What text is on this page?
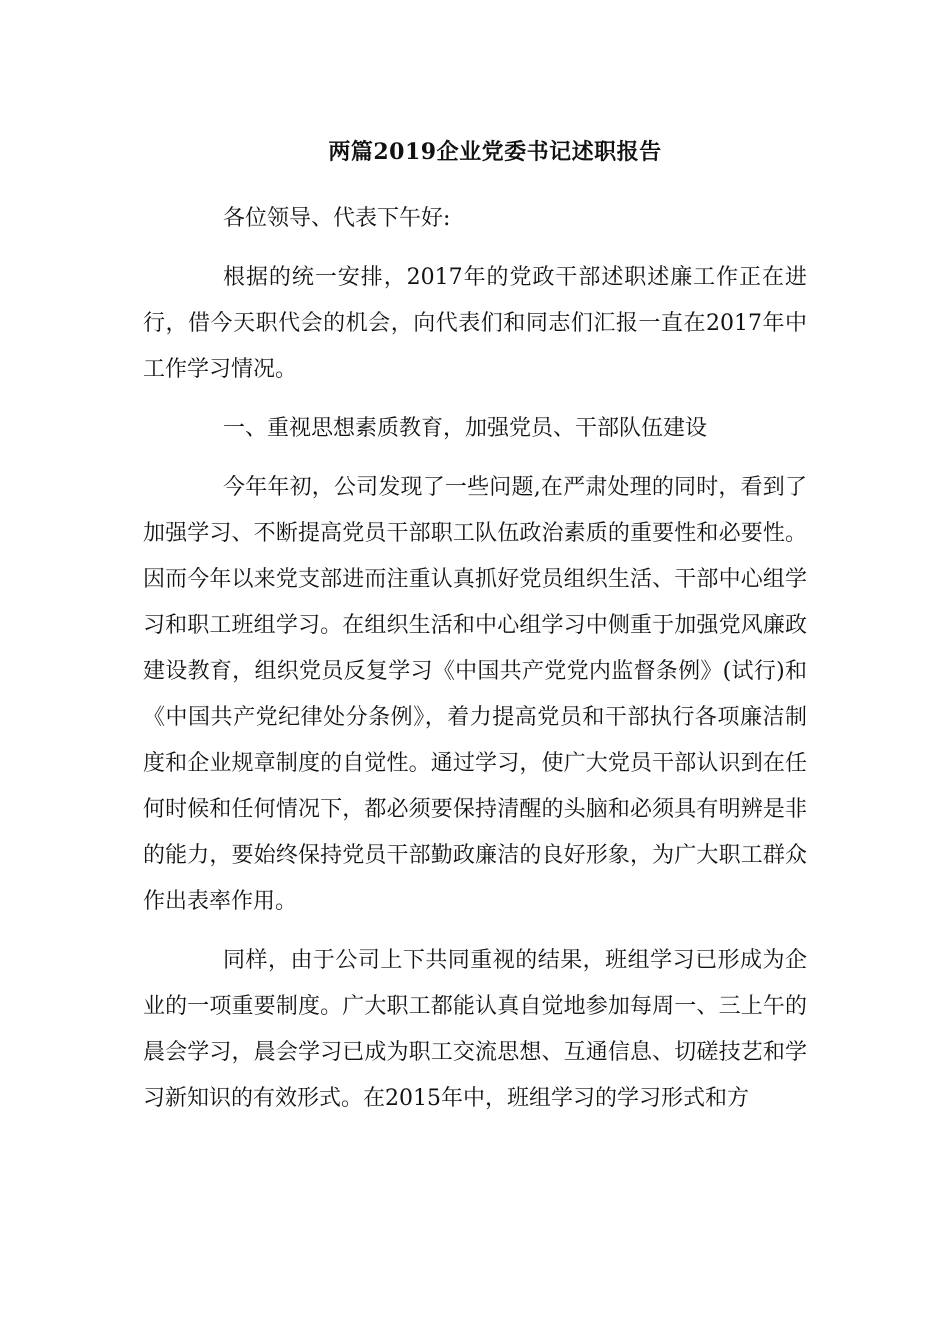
两篇2019企业党委书记述职报告

各位领导、代表下午好:

根据的统一安排，2017年的党政干部述职述廉工作正在进行，借今天职代会的机会，向代表们和同志们汇报一直在2017年中工作学习情况。

一、重视思想素质教育，加强党员、干部队伍建设

今年年初，公司发现了一些问题,在严肃处理的同时，看到了加强学习、不断提高党员干部职工队伍政治素质的重要性和必要性。因而今年以来党支部进而注重认真抓好党员组织生活、干部中心组学习和职工班组学习。在组织生活和中心组学习中侧重于加强党风廉政建设教育，组织党员反复学习《中国共产党党内监督条例》(试行)和《中国共产党纪律处分条例》，着力提高党员和干部执行各项廉洁制度和企业规章制度的自觉性。通过学习，使广大党员干部认识到在任何时候和任何情况下，都必须要保持清醒的头脑和必须具有明辨是非的能力，要始终保持党员干部勤政廉洁的良好形象，为广大职工群众作出表率作用。

同样，由于公司上下共同重视的结果，班组学习已形成为企业的一项重要制度。广大职工都能认真自觉地参加每周一、三上午的晨会学习，晨会学习已成为职工交流思想、互通信息、切磋技艺和学习新知识的有效形式。在2015年中，班组学习的学习形式和方
